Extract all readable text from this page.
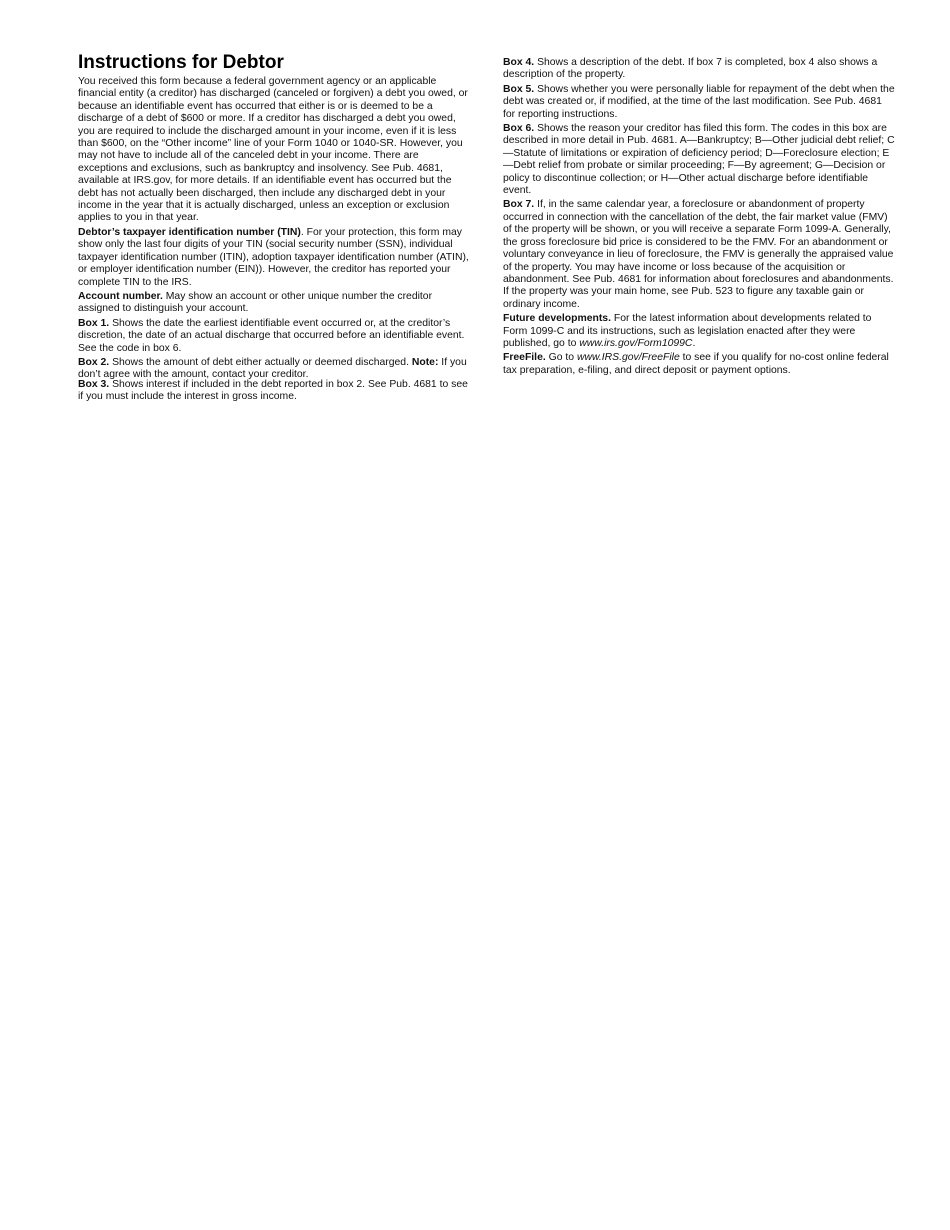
Instructions for Debtor

You received this form because a federal government agency or an applicable financial entity (a creditor) has discharged (canceled or forgiven) a debt you owed, or because an identifiable event has occurred that either is or is deemed to be a discharge of a debt of $600 or more. If a creditor has discharged a debt you owed, you are required to include the discharged amount in your income, even if it is less than $600, on the “Other income” line of your Form 1040 or 1040-SR. However, you may not have to include all of the canceled debt in your income. There are exceptions and exclusions, such as bankruptcy and insolvency. See Pub. 4681, available at IRS.gov, for more details. If an identifiable event has occurred but the debt has not actually been discharged, then include any discharged debt in your income in the year that it is actually discharged, unless an exception or exclusion applies to you in that year.

Debtor’s taxpayer identification number (TIN). For your protection, this form may show only the last four digits of your TIN (social security number (SSN), individual taxpayer identification number (ITIN), adoption taxpayer identification number (ATIN), or employer identification number (EIN)). However, the creditor has reported your complete TIN to the IRS.

Account number. May show an account or other unique number the creditor assigned to distinguish your account.

Box 1. Shows the date the earliest identifiable event occurred or, at the creditor’s discretion, the date of an actual discharge that occurred before an identifiable event. See the code in box 6.

Box 2. Shows the amount of debt either actually or deemed discharged. Note: If you don’t agree with the amount, contact your creditor.

Box 3. Shows interest if included in the debt reported in box 2. See Pub. 4681 to see if you must include the interest in gross income.

Box 4. Shows a description of the debt. If box 7 is completed, box 4 also shows a description of the property.

Box 5. Shows whether you were personally liable for repayment of the debt when the debt was created or, if modified, at the time of the last modification. See Pub. 4681 for reporting instructions.

Box 6. Shows the reason your creditor has filed this form. The codes in this box are described in more detail in Pub. 4681. A—Bankruptcy; B—Other judicial debt relief; C—Statute of limitations or expiration of deficiency period; D—Foreclosure election; E—Debt relief from probate or similar proceeding; F—By agreement; G—Decision or policy to discontinue collection; or H—Other actual discharge before identifiable event.

Box 7. If, in the same calendar year, a foreclosure or abandonment of property occurred in connection with the cancellation of the debt, the fair market value (FMV) of the property will be shown, or you will receive a separate Form 1099-A. Generally, the gross foreclosure bid price is considered to be the FMV. For an abandonment or voluntary conveyance in lieu of foreclosure, the FMV is generally the appraised value of the property. You may have income or loss because of the acquisition or abandonment. See Pub. 4681 for information about foreclosures and abandonments. If the property was your main home, see Pub. 523 to figure any taxable gain or ordinary income.

Future developments. For the latest information about developments related to Form 1099-C and its instructions, such as legislation enacted after they were published, go to www.irs.gov/Form1099C.

FreeFile. Go to www.IRS.gov/FreeFile to see if you qualify for no-cost online federal tax preparation, e-filing, and direct deposit or payment options.
